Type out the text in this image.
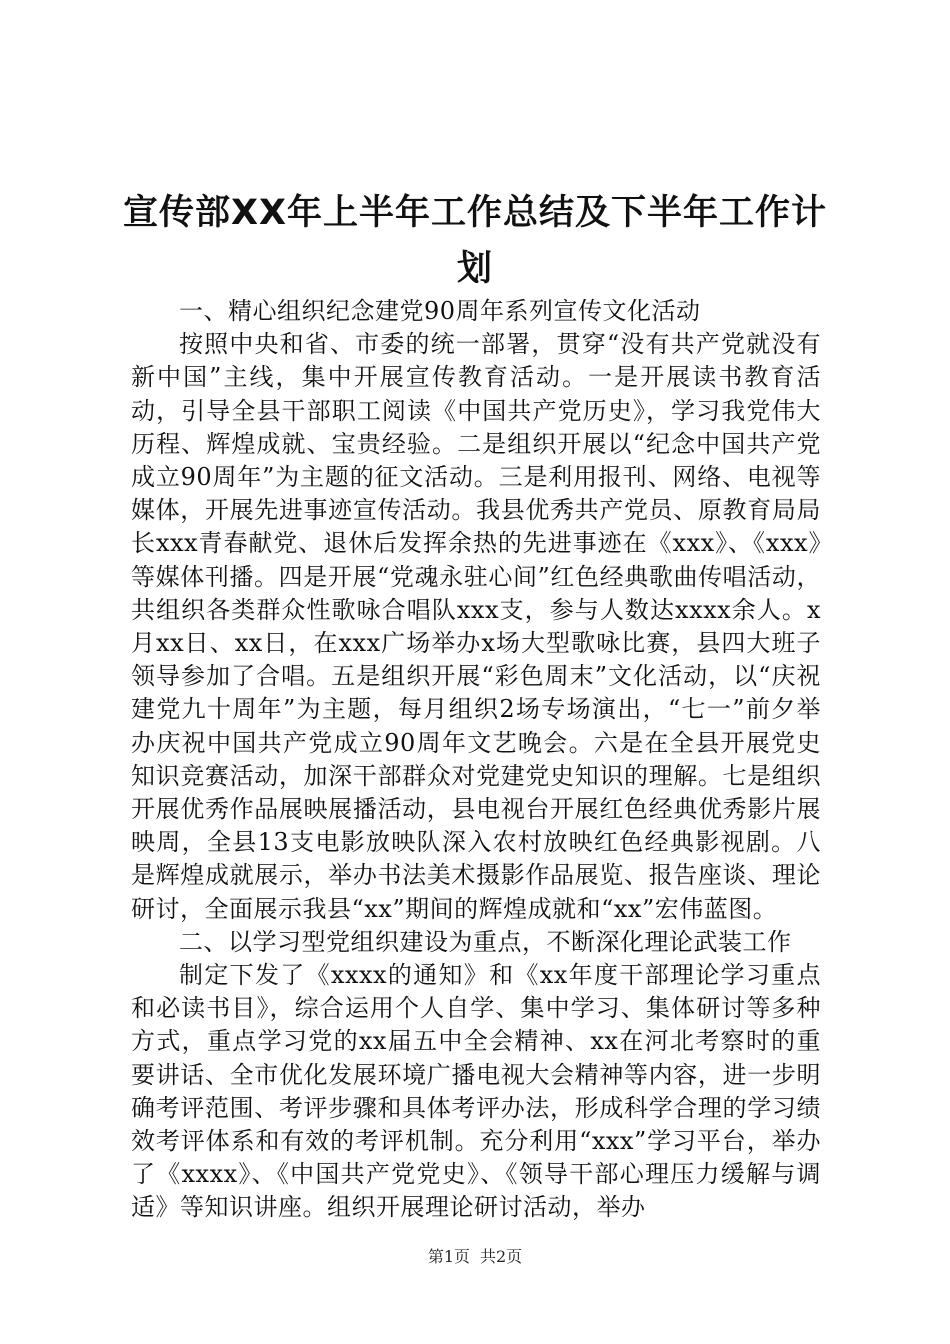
宣传部XX年上半年工作总结及下半年工作计
划

一、精心组织纪念建党90周年系列宣传文化活动

按照中央和省、市委的统一部署，贯穿“没有共产党就没有新中国”主线，集中开展宣传教育活动。一是开展读书教育活动，引导全县干部职工阅读《中国共产党历史》，学习我党伟大历程、辉煌成就、宝贵经验。二是组织开展以“纪念中国共产党成立90周年”为主题的征文活动。三是利用报刊、网络、电视等媒体，开展先进事迹宣传活动。我县优秀共产党员、原教育局局长xxx青春献党、退休后发挥余热的先进事迹在《xxx》、《xxx》等媒体刊播。四是开展“党魂永驻心间”红色经典歌曲传唱活动，共组织各类群众性歌咏合唱队xxx支，参与人数达xxxx余人。x月xx日、xx日，在xxx广场举办x场大型歌咏比赛，县四大班子领导参加了合唱。五是组织开展“彩色周末”文化活动，以“庆祝建党九十周年”为主题，每月组织2场专场演出，“七一”前夕举办庆祝中国共产党成立90周年文艺晚会。六是在全县开展党史知识竞赛活动，加深干部群众对党建党史知识的理解。七是组织开展优秀作品展映展播活动，县电视台开展红色经典优秀影片展映周，全县13支电影放映队深入农村放映红色经典影视剧。八是辉煌成就展示，举办书法美术摄影作品展览、报告座谈、理论研讨，全面展示我县“xx”期间的辉煌成就和“xx”宏伟蓝图。

二、以学习型党组织建设为重点，不断深化理论武装工作

制定下发了《xxxx的通知》和《xx年度干部理论学习重点和必读书目》，综合运用个人自学、集中学习、集体研讨等多种方式，重点学习党的xx届五中全会精神、xx在河北考察时的重要讲话、全市优化发展环境广播电视大会精神等内容，进一步明确考评范围、考评步骤和具体考评办法，形成科学合理的学习绩效考评体系和有效的考评机制。充分利用“xxx”学习平台，举办了《xxxx》、《中国共产党党史》、《领导干部心理压力缓解与调适》等知识讲座。组织开展理论研讨活动，举办

第1页 共2页
